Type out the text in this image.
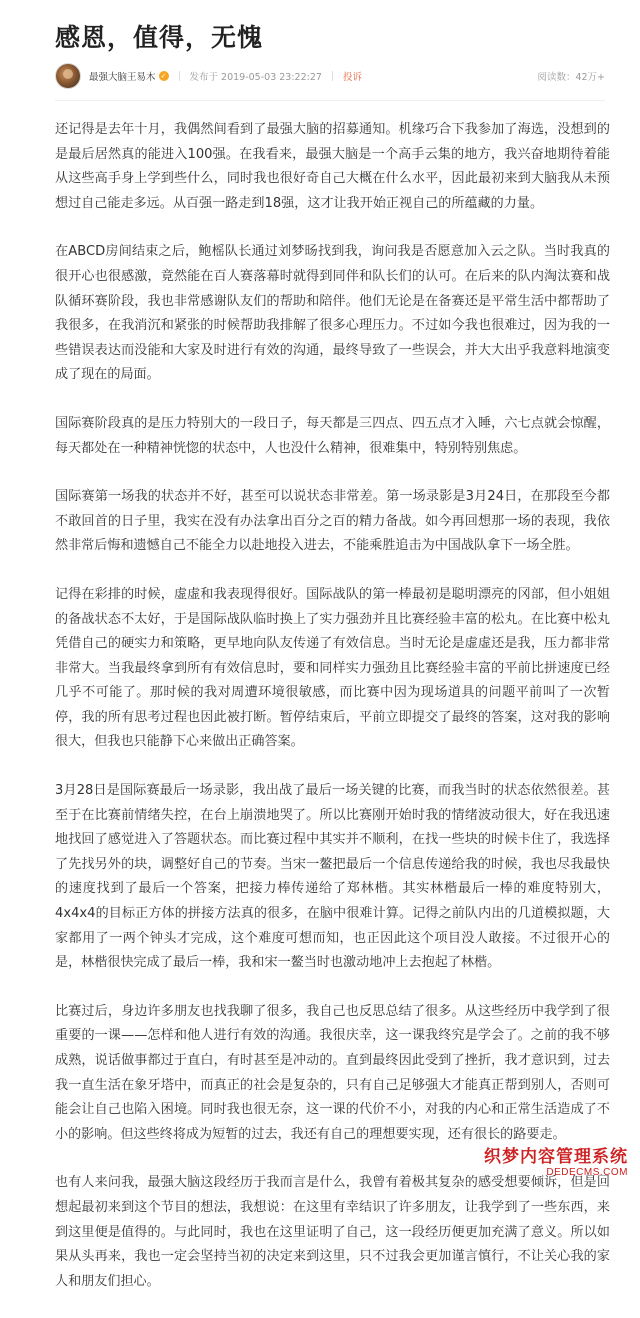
感恩，值得，无愧
最强大脑王易木 ✓ 发布于 2019-05-03 23:22:27 投诉	阅读数：42万+

还记得是去年十月，我偶然间看到了最强大脑的招募通知。机缘巧合下我参加了海选，没想到的是最后居然真的能进入100强。在我看来，最强大脑是一个高手云集的地方，我兴奋地期待着能从这些高手身上学到些什么，同时我也很好奇自己大概在什么水平，因此最初来到大脑我从未预想过自己能走多远。从百强一路走到18强，这才让我开始正视自己的所蕴藏的力量。

在ABCD房间结束之后，鲍榣队长通过刘梦旸找到我，询问我是否愿意加入云之队。当时我真的很开心也很感激，竟然能在百人赛落幕时就得到同伴和队长们的认可。在后来的队内淘汰赛和战队循环赛阶段，我也非常感谢队友们的帮助和陪伴。他们无论是在备赛还是平常生活中都帮助了我很多，在我消沉和紧张的时候帮助我排解了很多心理压力。不过如今我也很难过，因为我的一些错误表达而没能和大家及时进行有效的沟通，最终导致了一些误会，并大大出乎我意料地演变成了现在的局面。

国际赛阶段真的是压力特别大的一段日子，每天都是三四点、四五点才入睡，六七点就会惊醒，每天都处在一种精神恍惚的状态中，人也没什么精神，很难集中，特别特别焦虑。

国际赛第一场我的状态并不好，甚至可以说状态非常差。第一场录影是3月24日，在那段至今都不敢回首的日子里，我实在没有办法拿出百分之百的精力备战。如今再回想那一场的表现，我依然非常后悔和遗憾自己不能全力以赴地投入进去，不能乘胜追击为中国战队拿下一场全胜。

记得在彩排的时候，虚虚和我表现得很好。国际战队的第一棒最初是聪明漂亮的冈部，但小姐姐的备战状态不太好，于是国际战队临时换上了实力强劲并且比赛经验丰富的松丸。在比赛中松丸凭借自己的硬实力和策略，更早地向队友传递了有效信息。当时无论是虚虚还是我，压力都非常非常大。当我最终拿到所有有效信息时，要和同样实力强劲且比赛经验丰富的平前比拼速度已经几乎不可能了。那时候的我对周遭环境很敏感，而比赛中因为现场道具的问题平前叫了一次暂停，我的所有思考过程也因此被打断。暂停结束后，平前立即提交了最终的答案，这对我的影响很大，但我也只能静下心来做出正确答案。

3月28日是国际赛最后一场录影，我出战了最后一场关键的比赛，而我当时的状态依然很差。甚至于在比赛前情绪失控，在台上崩溃地哭了。所以比赛刚开始时我的情绪波动很大，好在我迅速地找回了感觉进入了答题状态。而比赛过程中其实并不顺利，在找一些块的时候卡住了，我选择了先找另外的块，调整好自己的节奏。当宋一鳌把最后一个信息传递给我的时候，我也尽我最快的速度找到了最后一个答案，把接力棒传递给了郑林楷。其实林楷最后一棒的难度特别大，4x4x4的目标正方体的拼接方法真的很多，在脑中很难计算。记得之前队内出的几道模拟题，大家都用了一两个钟头才完成，这个难度可想而知，也正因此这个项目没人敢接。不过很开心的是，林楷很快完成了最后一棒，我和宋一鳌当时也激动地冲上去抱起了林楷。

比赛过后，身边许多朋友也找我聊了很多，我自己也反思总结了很多。从这些经历中我学到了很重要的一课——怎样和他人进行有效的沟通。我很庆幸，这一课我终究是学会了。之前的我不够成熟，说话做事都过于直白，有时甚至是冲动的。直到最终因此受到了挫折，我才意识到，过去我一直生活在象牙塔中，而真正的社会是复杂的，只有自己足够强大才能真正帮到别人，否则可能会让自己也陷入困境。同时我也很无奈，这一课的代价不小，对我的内心和正常生活造成了不小的影响。但这些终将成为短暂的过去，我还有自己的理想要实现，还有很长的路要走。

也有人来问我，最强大脑这段经历于我而言是什么，我曾有着极其复杂的感受想要倾诉，但是回想起最初来到这个节目的想法，我想说：在这里有幸结识了许多朋友，让我学到了一些东西，来到这里便是值得的。与此同时，我也在这里证明了自己，这一段经历便更加充满了意义。所以如果从头再来，我也一定会坚持当初的决定来到这里，只不过我会更加谨言慎行，不让关心我的家人和朋友们担心。

织梦内容管理系统
DEDECMS.COM
